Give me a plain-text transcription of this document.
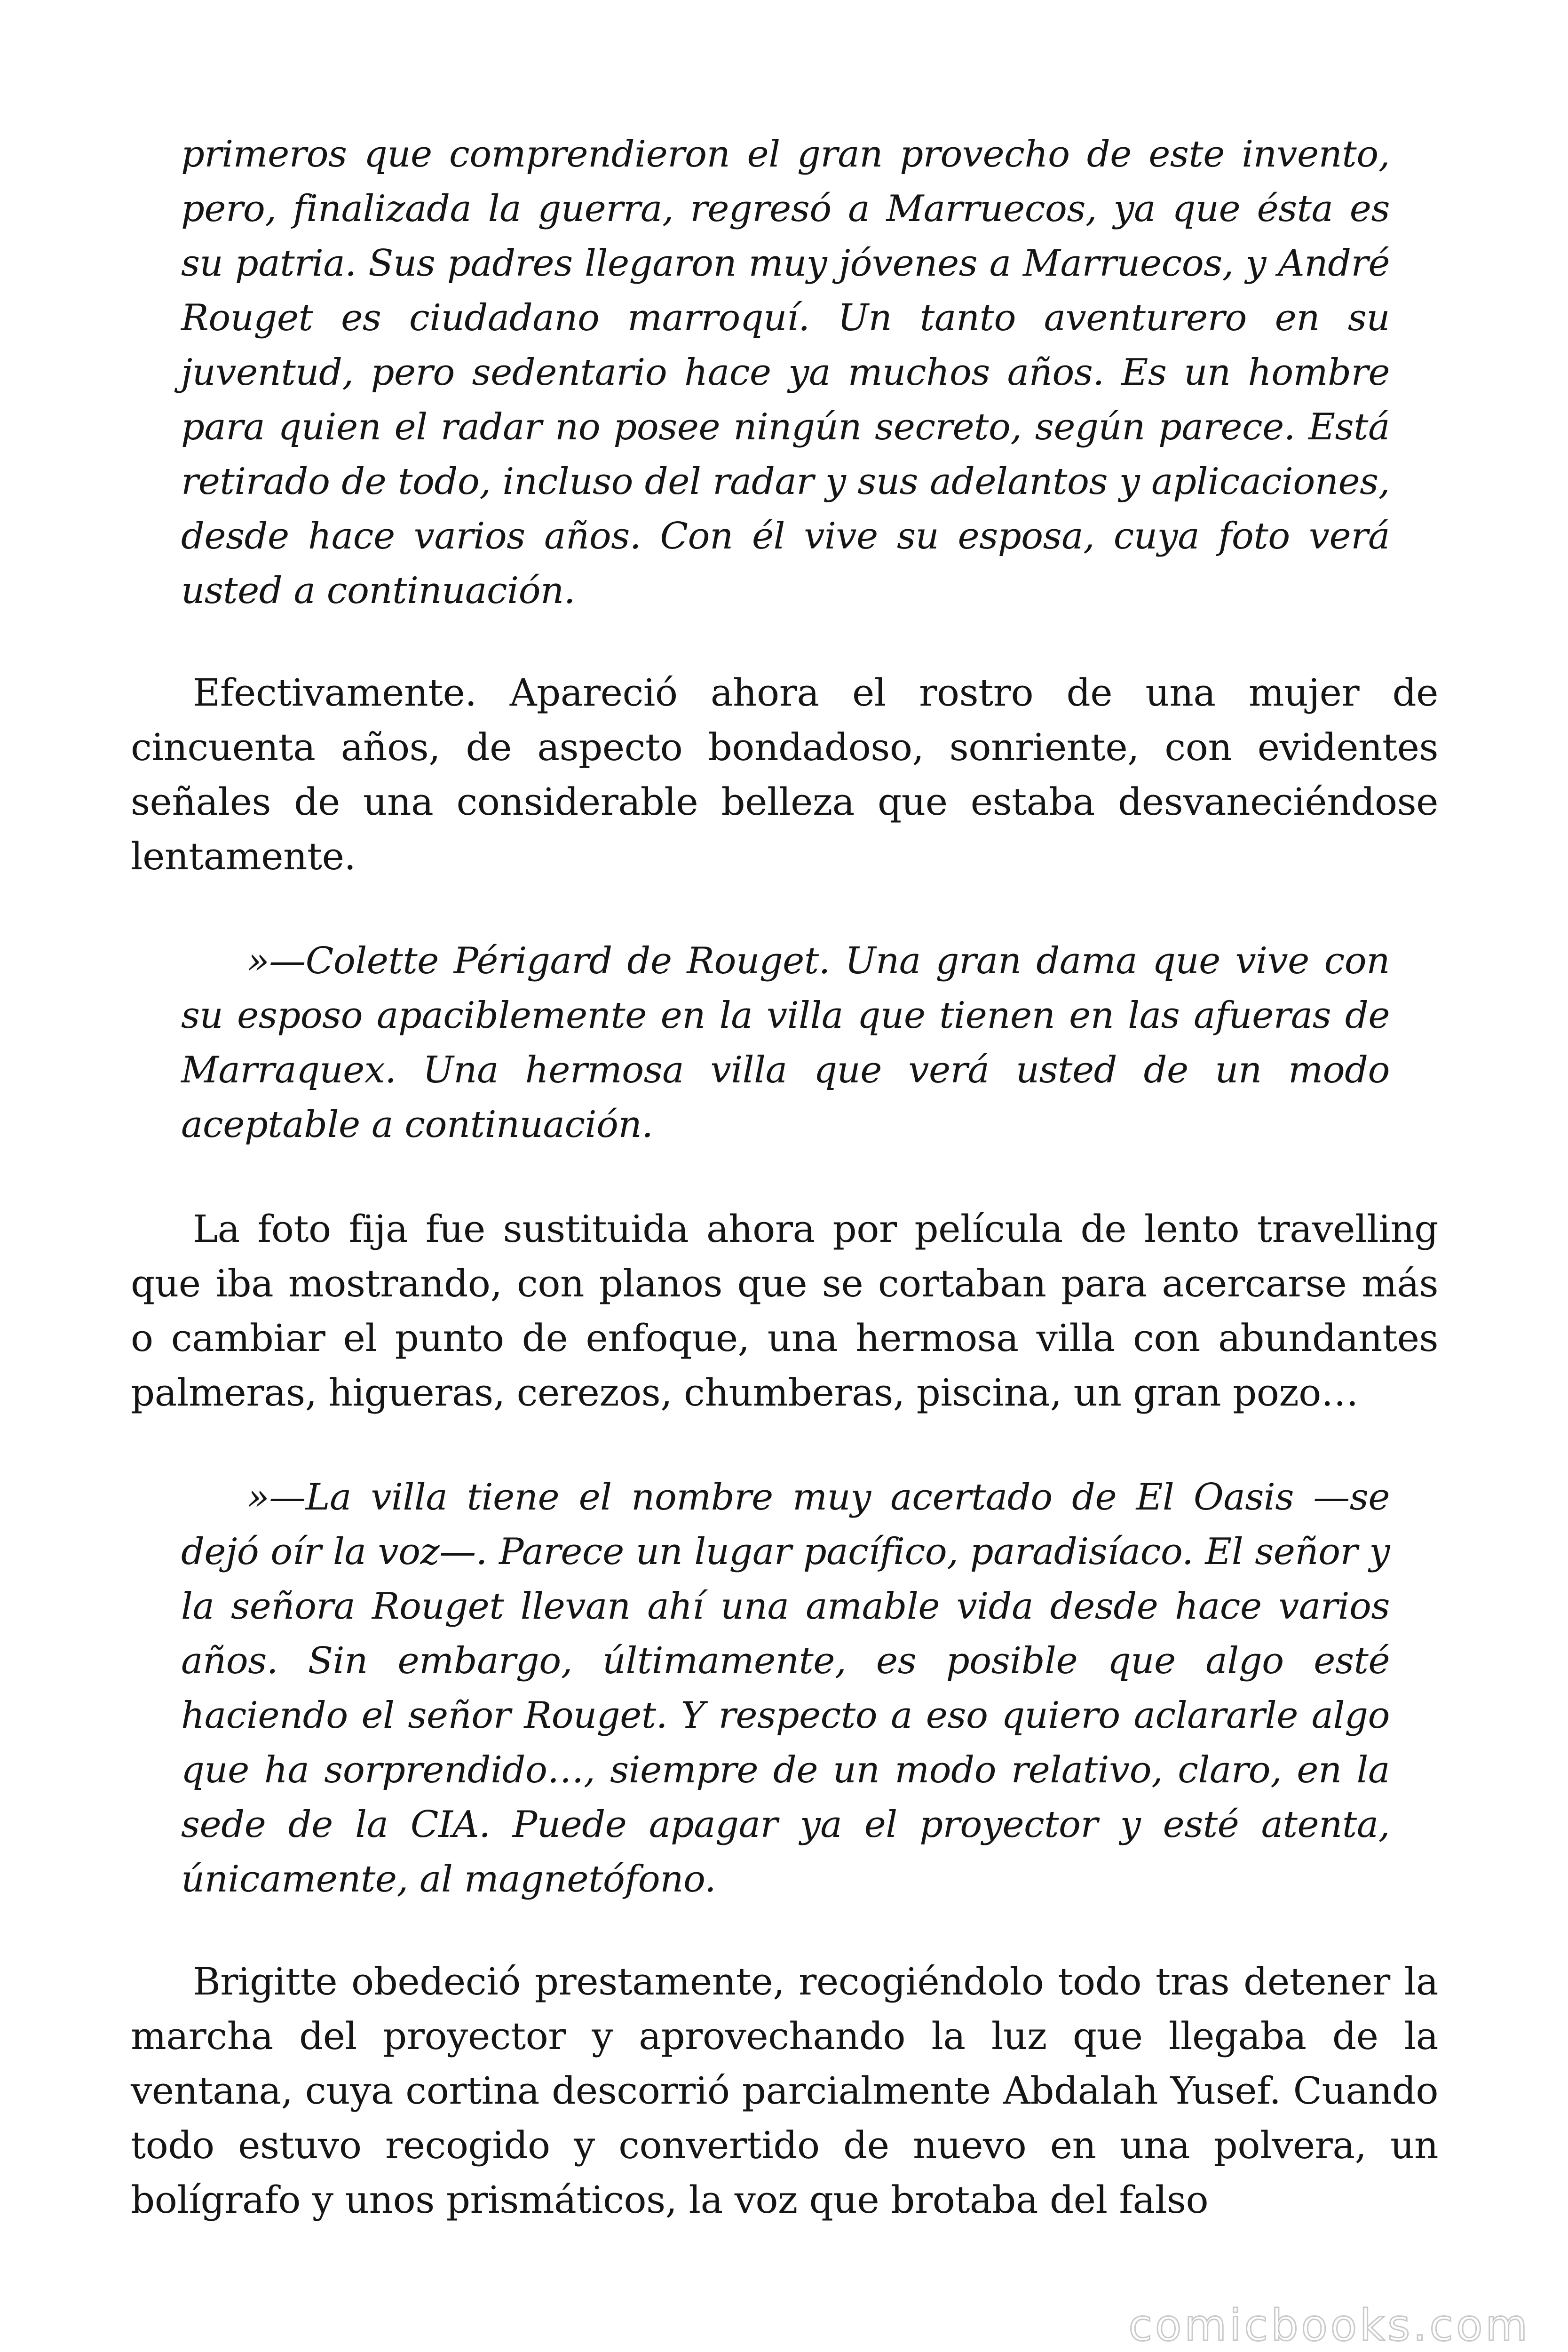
primeros que comprendieron el gran provecho de este invento, pero, finalizada la guerra, regresó a Marruecos, ya que ésta es su patria. Sus padres llegaron muy jóvenes a Marruecos, y André Rouget es ciudadano marroquí. Un tanto aventurero en su juventud, pero sedentario hace ya muchos años. Es un hombre para quien el radar no posee ningún secreto, según parece. Está retirado de todo, incluso del radar y sus adelantos y aplicaciones, desde hace varios años. Con él vive su esposa, cuya foto verá usted a continuación.

Efectivamente. Apareció ahora el rostro de una mujer de cincuenta años, de aspecto bondadoso, sonriente, con evidentes señales de una considerable belleza que estaba desvaneciéndose lentamente.

»—Colette Périgard de Rouget. Una gran dama que vive con su esposo apaciblemente en la villa que tienen en las afueras de Marraquex. Una hermosa villa que verá usted de un modo aceptable a continuación.

La foto fija fue sustituida ahora por película de lento travelling que iba mostrando, con planos que se cortaban para acercarse más o cambiar el punto de enfoque, una hermosa villa con abundantes palmeras, higueras, cerezos, chumberas, piscina, un gran pozo…

»—La villa tiene el nombre muy acertado de El Oasis —se dejó oír la voz—. Parece un lugar pacífico, paradisíaco. El señor y la señora Rouget llevan ahí una amable vida desde hace varios años. Sin embargo, últimamente, es posible que algo esté haciendo el señor Rouget. Y respecto a eso quiero aclararle algo que ha sorprendido…, siempre de un modo relativo, claro, en la sede de la CIA. Puede apagar ya el proyector y esté atenta, únicamente, al magnetófono.

Brigitte obedeció prestamente, recogiéndolo todo tras detener la marcha del proyector y aprovechando la luz que llegaba de la ventana, cuya cortina descorrió parcialmente Abdalah Yusef. Cuando todo estuvo recogido y convertido de nuevo en una polvera, un bolígrafo y unos prismáticos, la voz que brotaba del falso

comicbooks.com
